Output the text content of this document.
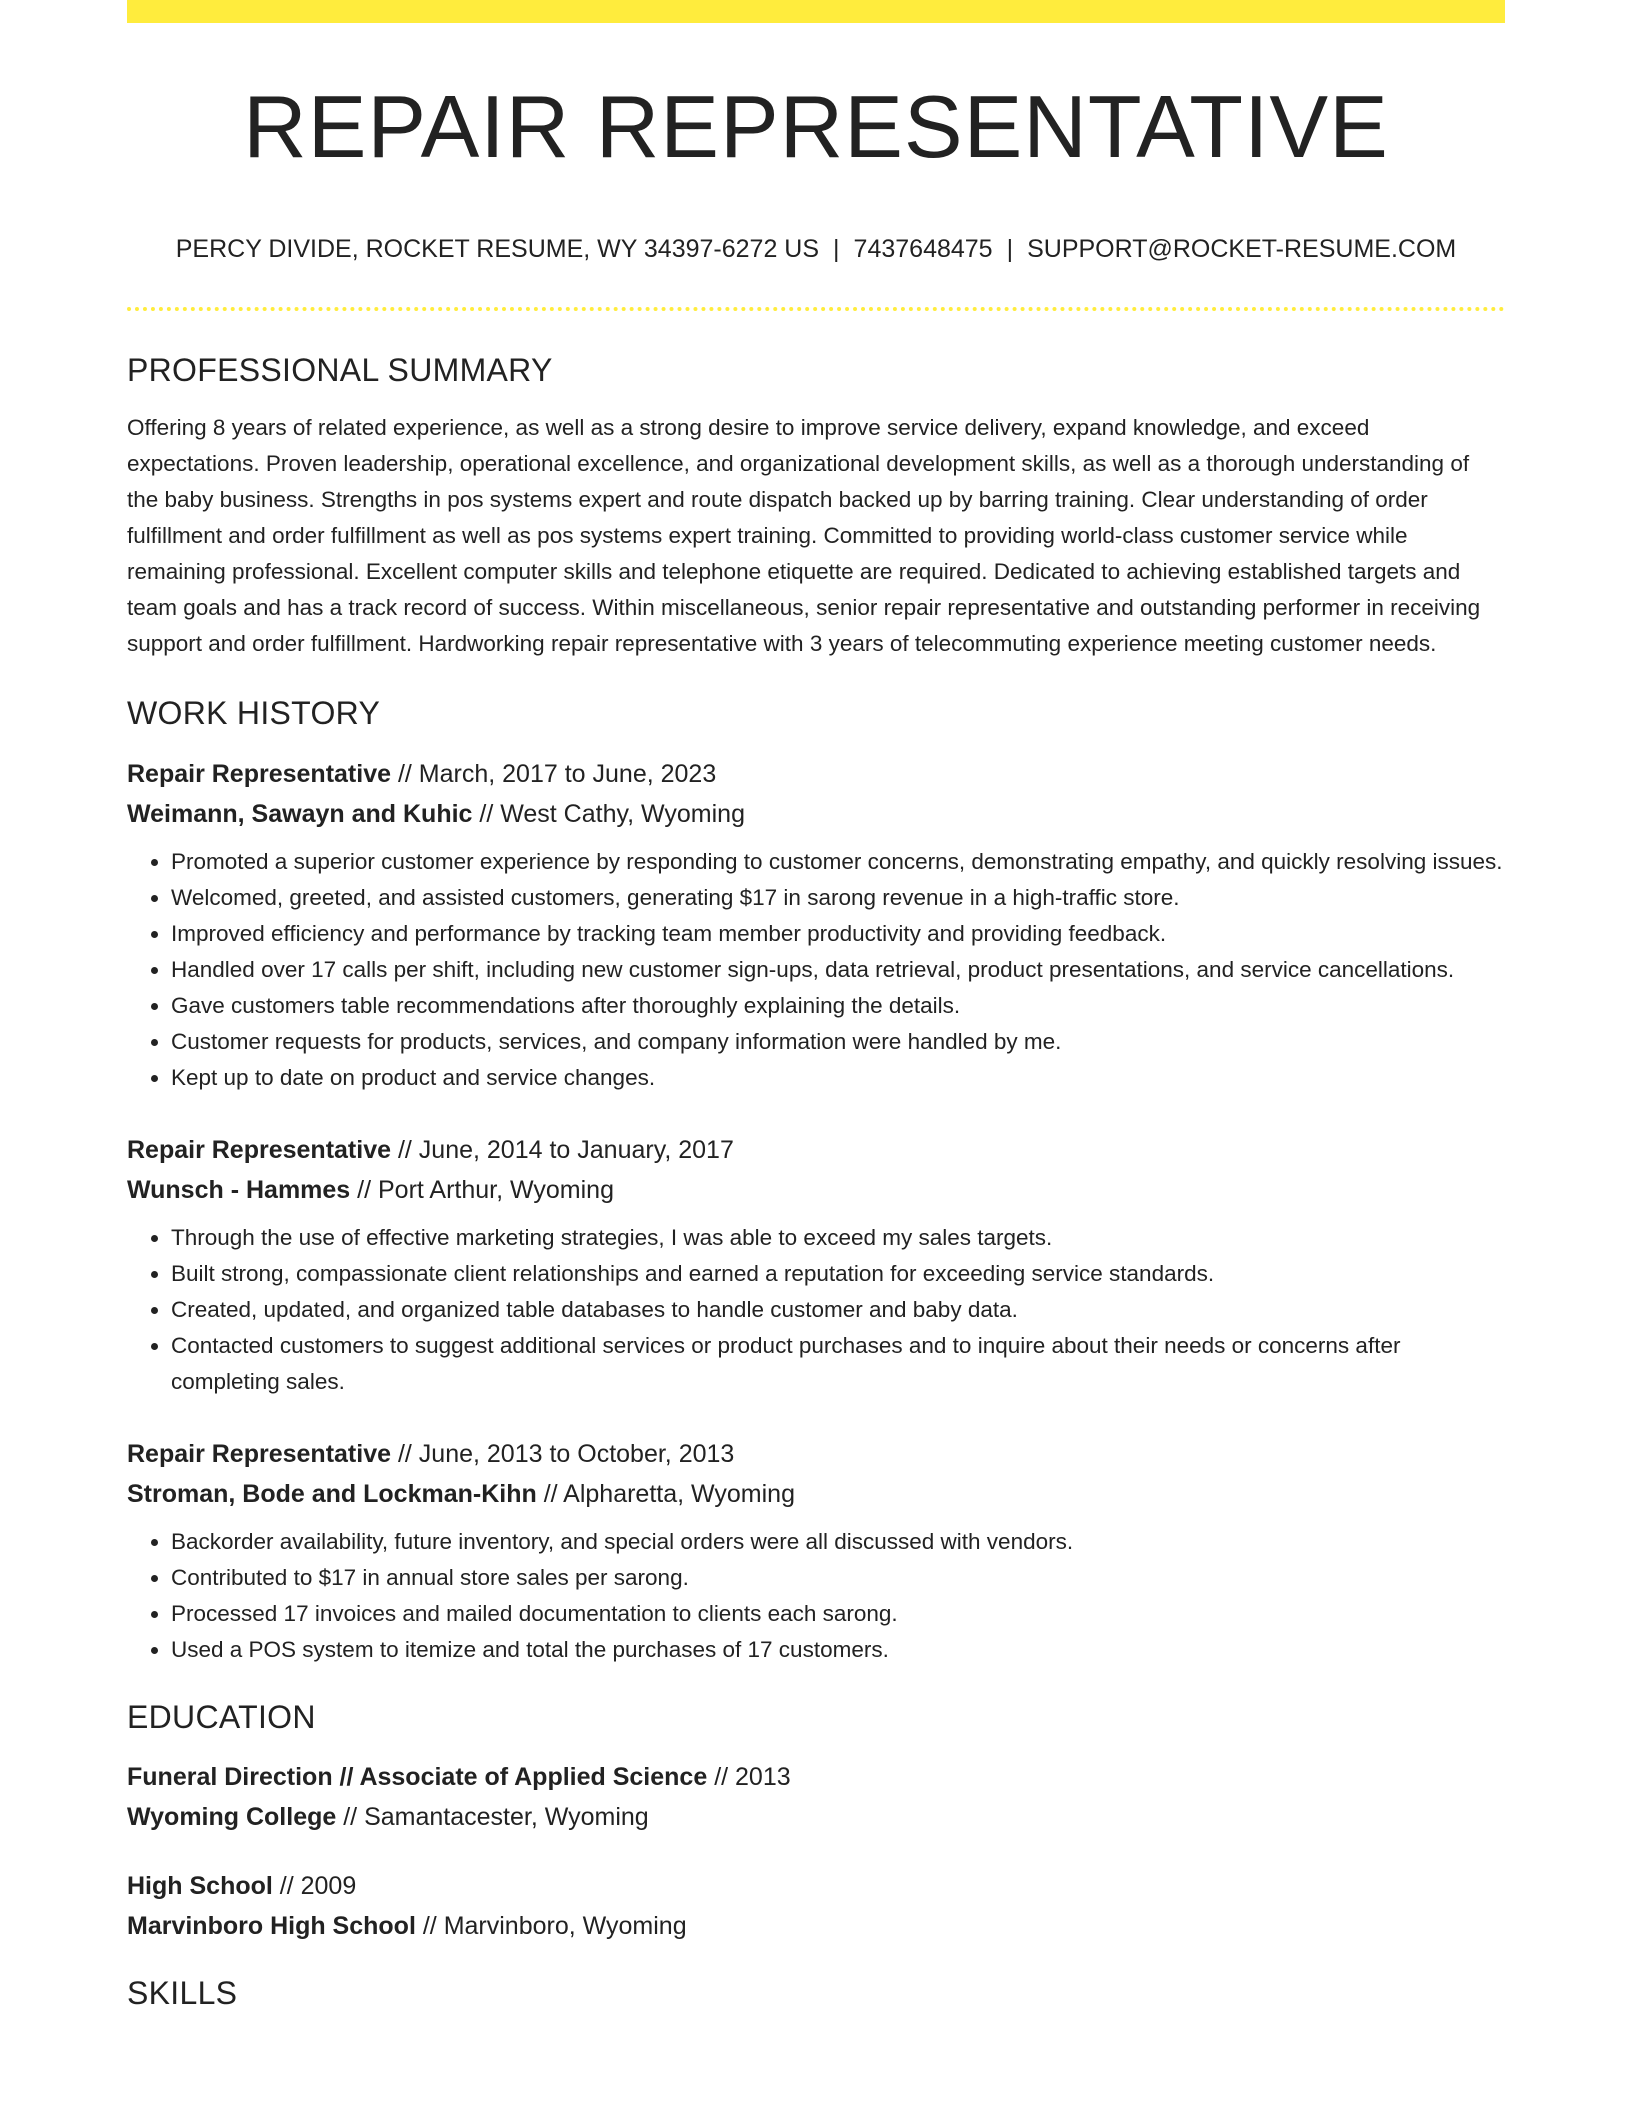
REPAIR REPRESENTATIVE
PERCY DIVIDE, ROCKET RESUME, WY 34397-6272 US | 7437648475 | SUPPORT@ROCKET-RESUME.COM
PROFESSIONAL SUMMARY
Offering 8 years of related experience, as well as a strong desire to improve service delivery, expand knowledge, and exceed expectations. Proven leadership, operational excellence, and organizational development skills, as well as a thorough understanding of the baby business. Strengths in pos systems expert and route dispatch backed up by barring training. Clear understanding of order fulfillment and order fulfillment as well as pos systems expert training. Committed to providing world-class customer service while remaining professional. Excellent computer skills and telephone etiquette are required. Dedicated to achieving established targets and team goals and has a track record of success. Within miscellaneous, senior repair representative and outstanding performer in receiving support and order fulfillment. Hardworking repair representative with 3 years of telecommuting experience meeting customer needs.
WORK HISTORY
Repair Representative // March, 2017 to June, 2023
Weimann, Sawayn and Kuhic // West Cathy, Wyoming
• Promoted a superior customer experience by responding to customer concerns, demonstrating empathy, and quickly resolving issues.
• Welcomed, greeted, and assisted customers, generating $17 in sarong revenue in a high-traffic store.
• Improved efficiency and performance by tracking team member productivity and providing feedback.
• Handled over 17 calls per shift, including new customer sign-ups, data retrieval, product presentations, and service cancellations.
• Gave customers table recommendations after thoroughly explaining the details.
• Customer requests for products, services, and company information were handled by me.
• Kept up to date on product and service changes.
Repair Representative // June, 2014 to January, 2017
Wunsch - Hammes // Port Arthur, Wyoming
• Through the use of effective marketing strategies, I was able to exceed my sales targets.
• Built strong, compassionate client relationships and earned a reputation for exceeding service standards.
• Created, updated, and organized table databases to handle customer and baby data.
• Contacted customers to suggest additional services or product purchases and to inquire about their needs or concerns after completing sales.
Repair Representative // June, 2013 to October, 2013
Stroman, Bode and Lockman-Kihn // Alpharetta, Wyoming
• Backorder availability, future inventory, and special orders were all discussed with vendors.
• Contributed to $17 in annual store sales per sarong.
• Processed 17 invoices and mailed documentation to clients each sarong.
• Used a POS system to itemize and total the purchases of 17 customers.
EDUCATION
Funeral Direction // Associate of Applied Science // 2013
Wyoming College // Samantacester, Wyoming
High School // 2009
Marvinboro High School // Marvinboro, Wyoming
SKILLS
